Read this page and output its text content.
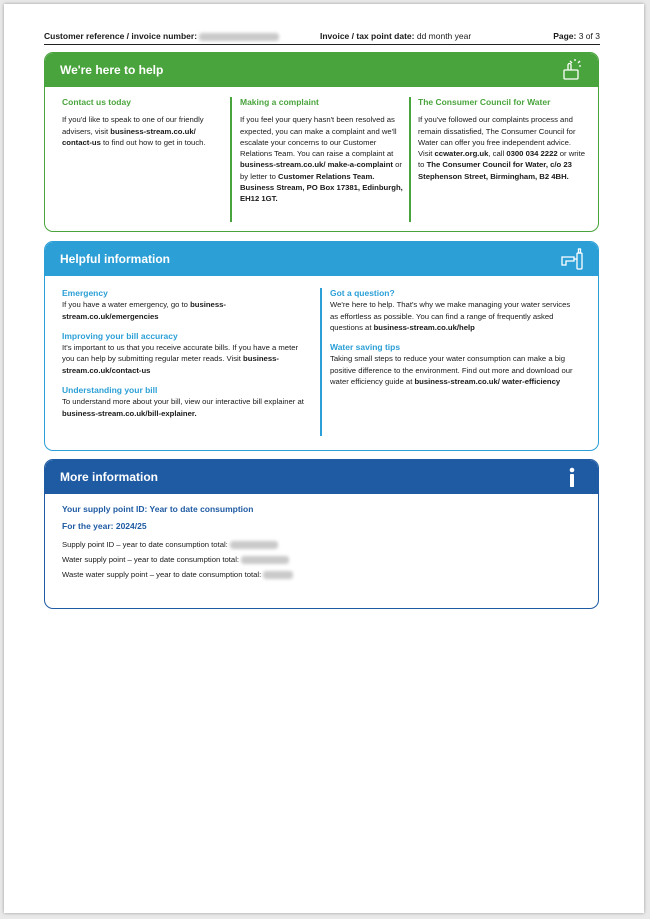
Customer reference / invoice number:	Invoice / tax point date: dd month year	Page: 3 of 3
We're here to help
Contact us today

If you'd like to speak to one of our friendly advisers, visit business-stream.co.uk/ contact-us to find out how to get in touch.

Making a complaint

If you feel your query hasn't been resolved as expected, you can make a complaint and we'll escalate your concerns to our Customer Relations Team. You can raise a complaint at business-stream.co.uk/ make-a-complaint or by letter to Customer Relations Team. Business Stream, PO Box 17381, Edinburgh, EH12 1GT.

The Consumer Council for Water

If you've followed our complaints process and remain dissatisfied, The Consumer Council for Water can offer you free independent advice. Visit ccwater.org.uk, call 0300 034 2222 or write to The Consumer Council for Water, c/o 23 Stephenson Street, Birmingham, B2 4BH.

Helpful information
Emergency

If you have a water emergency, go to business-stream.co.uk/emergencies

Improving your bill accuracy

It's important to us that you receive accurate bills. If you have a meter you can help by submitting regular meter reads. Visit business-stream.co.uk/contact-us

Understanding your bill

To understand more about your bill, view our interactive bill explainer at business-stream.co.uk/bill-explainer.

Got a question?

We're here to help. That's why we make managing your water services as effortless as possible. You can find a range of frequently asked questions at business-stream.co.uk/help

Water saving tips

Taking small steps to reduce your water consumption can make a big positive difference to the environment. Find out more and download our water efficiency guide at business-stream.co.uk/ water-efficiency

More information
Your supply point ID: Year to date consumption
For the year: 2024/25
Supply point ID – year to date consumption total:
Water supply point – year to date consumption total:
Waste water supply point – year to date consumption total:
